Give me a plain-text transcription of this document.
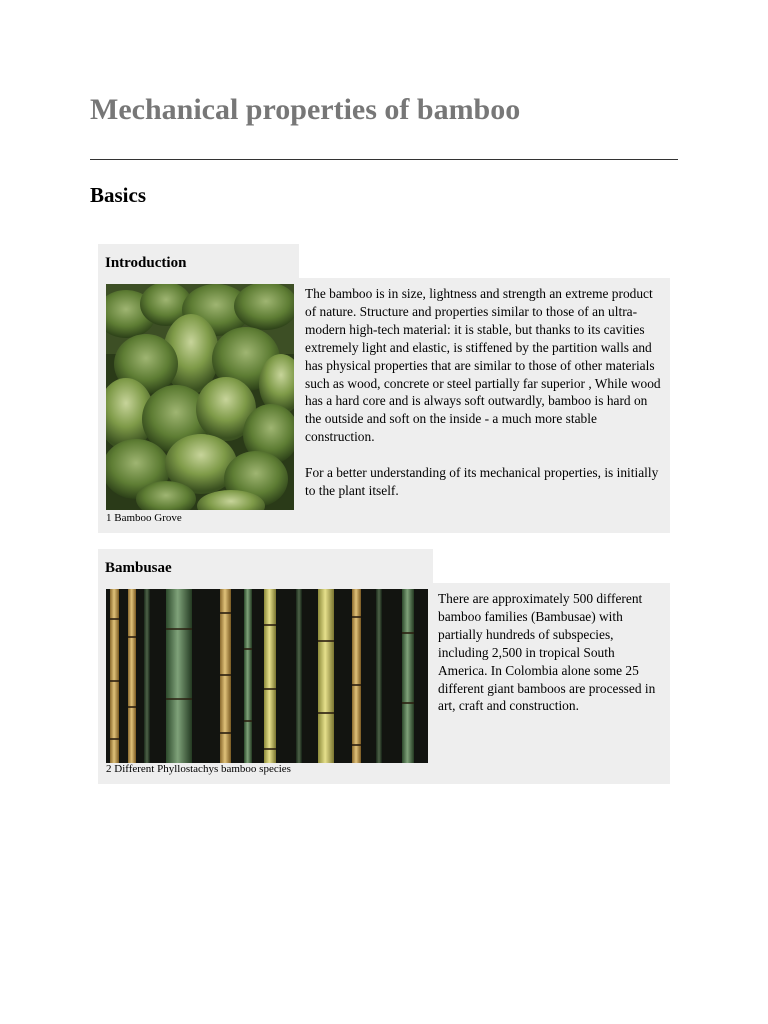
Mechanical properties of bamboo
Basics
Introduction
1 Bamboo Grove

The bamboo is in size, lightness and strength an extreme product of nature. Structure and properties similar to those of an ultra-modern high-tech material: it is stable, but thanks to its cavities extremely light and elastic, is stiffened by the partition walls and has physical properties that are similar to those of other materials such as wood, concrete or steel partially far superior , While wood has a hard core and is always soft outwardly, bamboo is hard on the outside and soft on the inside - a much more stable construction.

For a better understanding of its mechanical properties, is initially to the plant itself.

Bambusae
2 Different Phyllostachys bamboo species

There are approximately 500 different bamboo families (Bambusae) with partially hundreds of subspecies, including 2,500 in tropical South America. In Colombia alone some 25 different giant bamboos are processed in art, craft and construction.
